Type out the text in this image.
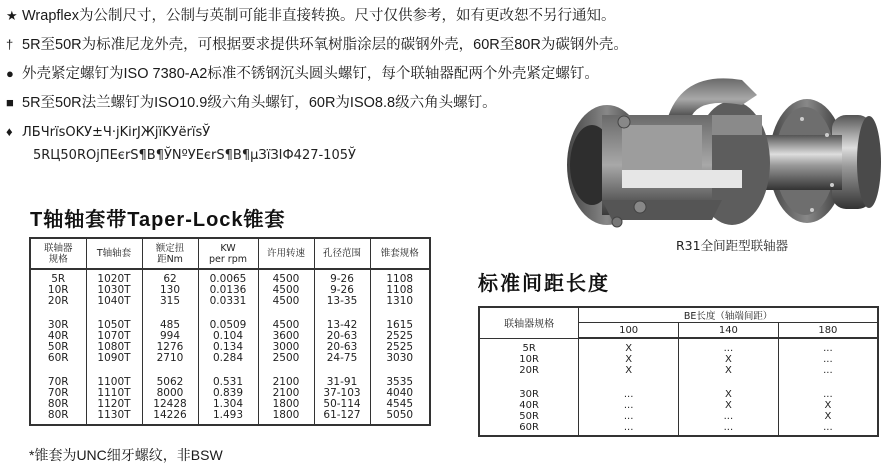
★ Wrapflex为公制尺寸，公制与英制可能非直接转换。尺寸仅供参考，如有更改恕不另行通知。
† 5R至50R为标准尼龙外壳，可根据要求提供环氧树脂涂层的碳钢外壳，60R至80R为碳钢外壳。
● 外壳紧定螺钉为ISO 7380-A2标准不锈钢沉头圆头螺钉，每个联轴器配两个外壳紧定螺钉。
■ 5R至50R法兰螺钉为ISO10.9级六角头螺钉，60R为ISO8.8级六角头螺钉。
♦ ЛБЧrïsOKУ±Ч·jKirЈЖjïKУërïsЎ
5RЦ50ROjПЕєrS¶B¶ЎNºУЕєrS¶B¶µЗїЗIФ427-105Ў
T轴轴套带Taper-Lock锥套
联轴器
规格	T轴轴套	额定扭
距Nm	KW
per rpm	许用转速	孔径范围	锥套规格
5R	1020T	62	0.0065	4500	9-26	1108
10R	1030T	130	0.0136	4500	9-26	1108
20R	1040T	315	0.0331	4500	13-35	1310
30R	1050T	485	0.0509	4500	13-42	1615
40R	1070T	994	0.104	3600	20-63	2525
50R	1080T	1276	0.134	3000	20-63	2525
60R	1090T	2710	0.284	2500	24-75	3030
70R	1100T	5062	0.531	2100	31-91	3535
70R	1110T	8000	0.839	2100	37-103	4040
80R	1120T	12428	1.304	1800	50-114	4545
80R	1130T	14226	1.493	1800	61-127	5050
*锥套为UNC细牙螺纹，非BSW
R31全间距型联轴器
标准间距长度
联轴器规格	BE长度（轴端间距）		
	100	140	180
5R	X	...	...
10R	X	X	...
20R	X	X	...
30R	...	X	...
40R	...	X	X
50R	...	...	X
60R	...	...	...
